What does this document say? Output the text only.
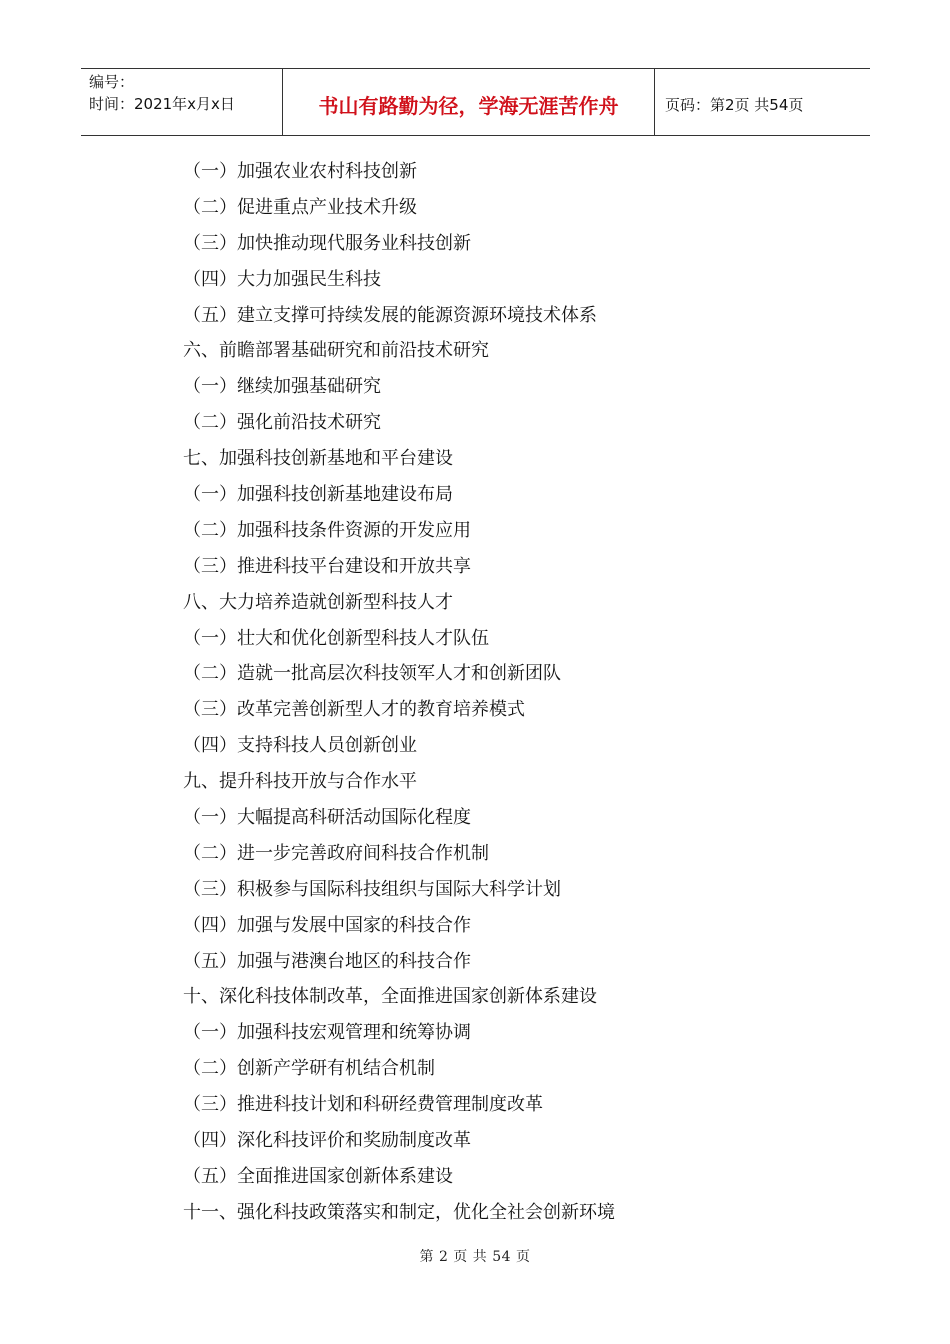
编号：
时间：2021年x月x日	书山有路勤为径，学海无涯苦作舟	页码：第2页 共54页
（一）加强农业农村科技创新
（二）促进重点产业技术升级
（三）加快推动现代服务业科技创新
（四）大力加强民生科技
（五）建立支撑可持续发展的能源资源环境技术体系
六、前瞻部署基础研究和前沿技术研究
（一）继续加强基础研究
（二）强化前沿技术研究
七、加强科技创新基地和平台建设
（一）加强科技创新基地建设布局
（二）加强科技条件资源的开发应用
（三）推进科技平台建设和开放共享
八、大力培养造就创新型科技人才
（一）壮大和优化创新型科技人才队伍
（二）造就一批高层次科技领军人才和创新团队
（三）改革完善创新型人才的教育培养模式
（四）支持科技人员创新创业
九、提升科技开放与合作水平
（一）大幅提高科研活动国际化程度
（二）进一步完善政府间科技合作机制
（三）积极参与国际科技组织与国际大科学计划
（四）加强与发展中国家的科技合作
（五）加强与港澳台地区的科技合作
十、深化科技体制改革，全面推进国家创新体系建设
（一）加强科技宏观管理和统筹协调
（二）创新产学研有机结合机制
（三）推进科技计划和科研经费管理制度改革
（四）深化科技评价和奖励制度改革
（五）全面推进国家创新体系建设
十一、强化科技政策落实和制定，优化全社会创新环境
第 2 页 共 54 页
